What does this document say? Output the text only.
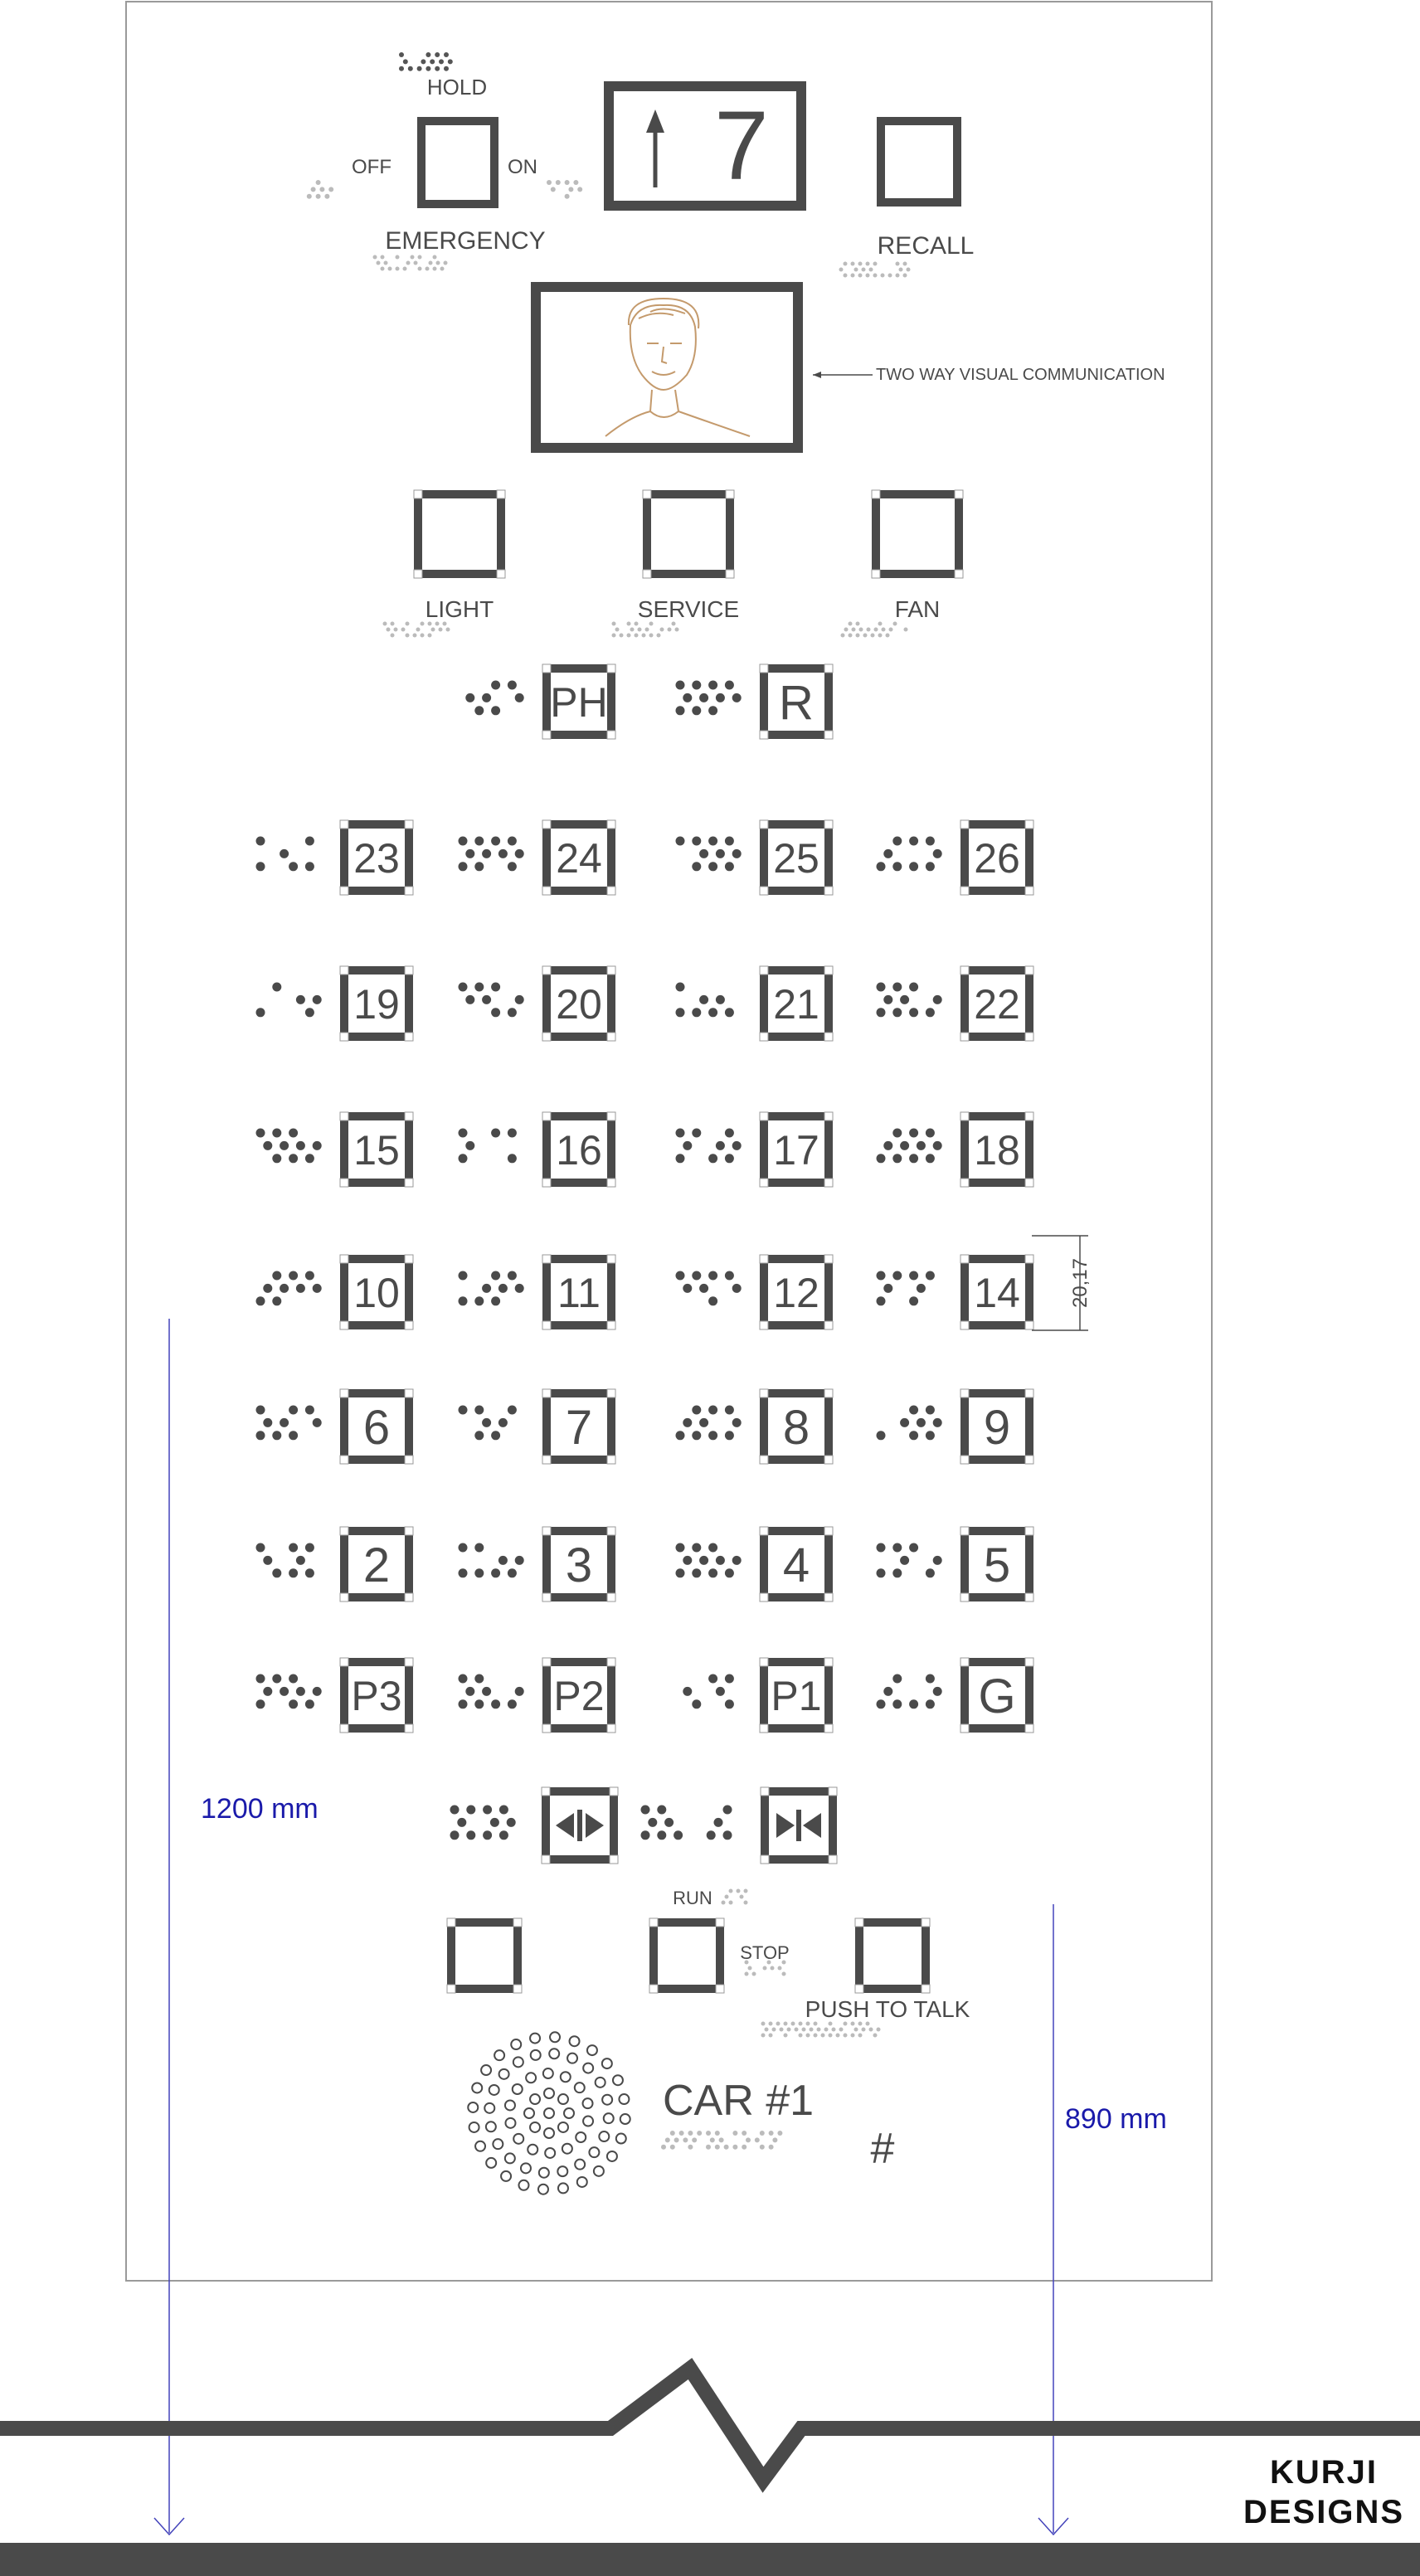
HOLD
OFF	ON
EMERGENCY
7
RECALL
TWO WAY VISUAL COMMUNICATION
LIGHT	SERVICE	FAN
PH	R
23	24	25	26
19	20	21	22
15	16	17	18
10	11	12	14
6	7	8	9
2	3	4	5
P3	P2	P1	G
RUN
STOP
PUSH TO TALK
CAR #1
#
20,17
1200 mm
890 mm
KURJI
DESIGNS
